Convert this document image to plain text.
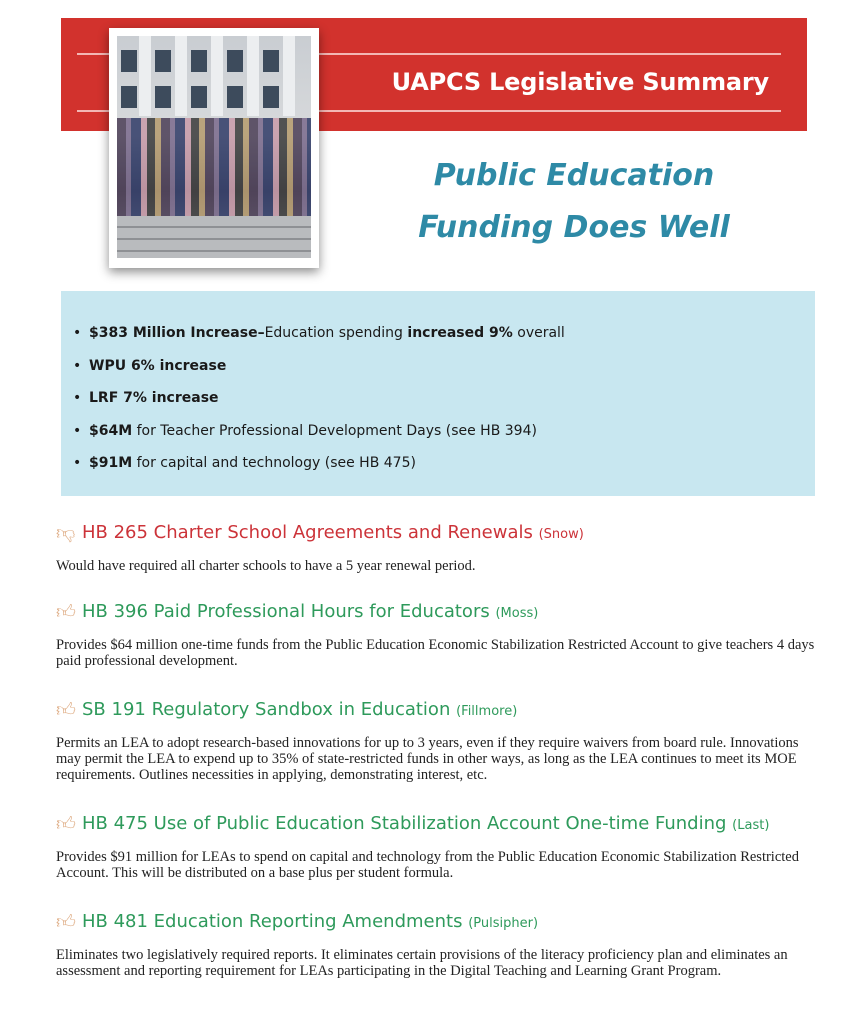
UAPCS Legislative Summary
Public Education
Funding Does Well
• $383 Million Increase–Education spending increased 9% overall
• WPU 6% increase
• LRF 7% increase
• $64M for Teacher Professional Development Days (see HB 394)
• $91M for capital and technology (see HB 475)
👎︎ HB 265 Charter School Agreements and Renewals (Snow)
Would have required all charter schools to have a 5 year renewal period.
👍︎ HB 396 Paid Professional Hours for Educators (Moss)
Provides $64 million one-time funds from the Public Education Economic Stabilization Restricted Account to give teachers 4 days paid professional development.
👍︎ SB 191 Regulatory Sandbox in Education (Fillmore)
Permits an LEA to adopt research-based innovations for up to 3 years, even if they require waivers from board rule. Innovations may permit the LEA to expend up to 35% of state-restricted funds in other ways, as long as the LEA continues to meet its MOE requirements. Outlines necessities in applying, demonstrating interest, etc.
👍︎ HB 475 Use of Public Education Stabilization Account One-time Funding (Last)
Provides $91 million for LEAs to spend on capital and technology from the Public Education Economic Stabilization Restricted Account. This will be distributed on a base plus per student formula.
👍︎ HB 481 Education Reporting Amendments (Pulsipher)
Eliminates two legislatively required reports. It eliminates certain provisions of the literacy proficiency plan and eliminates an assessment and reporting requirement for LEAs participating in the Digital Teaching and Learning Grant Program.
